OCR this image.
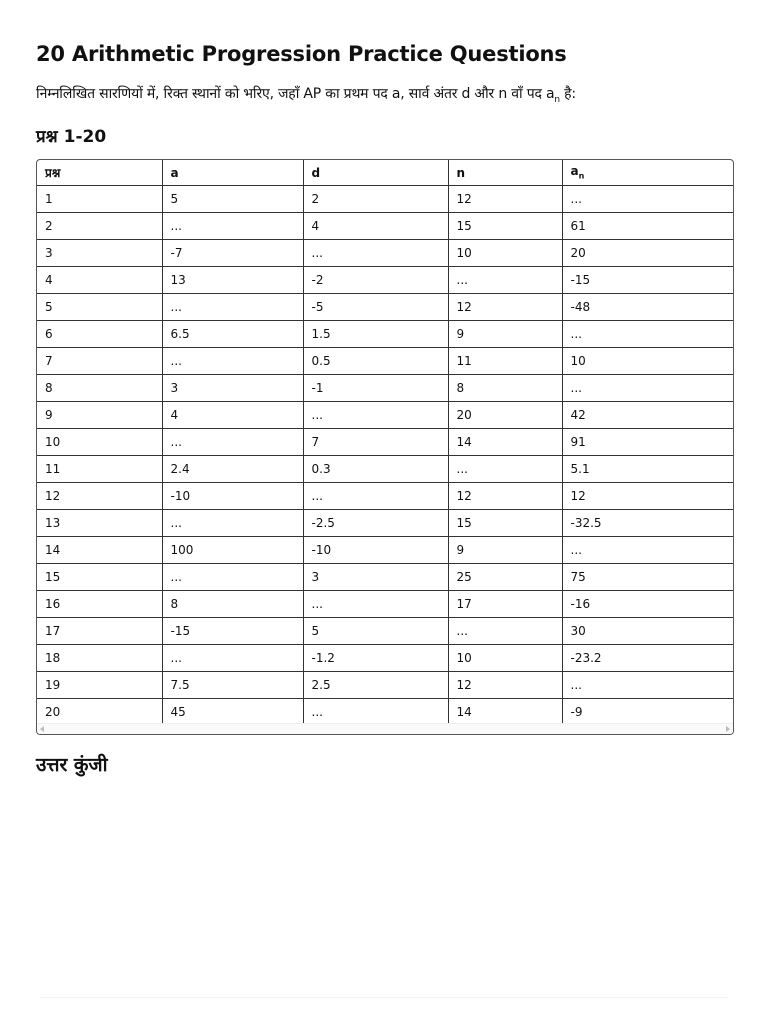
20 Arithmetic Progression Practice Questions
निम्नलिखित सारणियों में, रिक्त स्थानों को भरिए, जहाँ AP का प्रथम पद a, सार्व अंतर d और n वाँ पद $a_n$ है:
प्रश्न 1-20
प्रश्न	a	d	n	$a_n$
1	5	2	12	...
2	...	4	15	61
3	-7	...	10	20
4	13	-2	...	-15
5	...	-5	12	-48
6	6.5	1.5	9	...
7	...	0.5	11	10
8	3	-1	8	...
9	4	...	20	42
10	...	7	14	91
11	2.4	0.3	...	5.1
12	-10	...	12	12
13	...	-2.5	15	-32.5
14	100	-10	9	...
15	...	3	25	75
16	8	...	17	-16
17	-15	5	...	30
18	...	-1.2	10	-23.2
19	7.5	2.5	12	...
20	45	...	14	-9
उत्तर कुंजी
